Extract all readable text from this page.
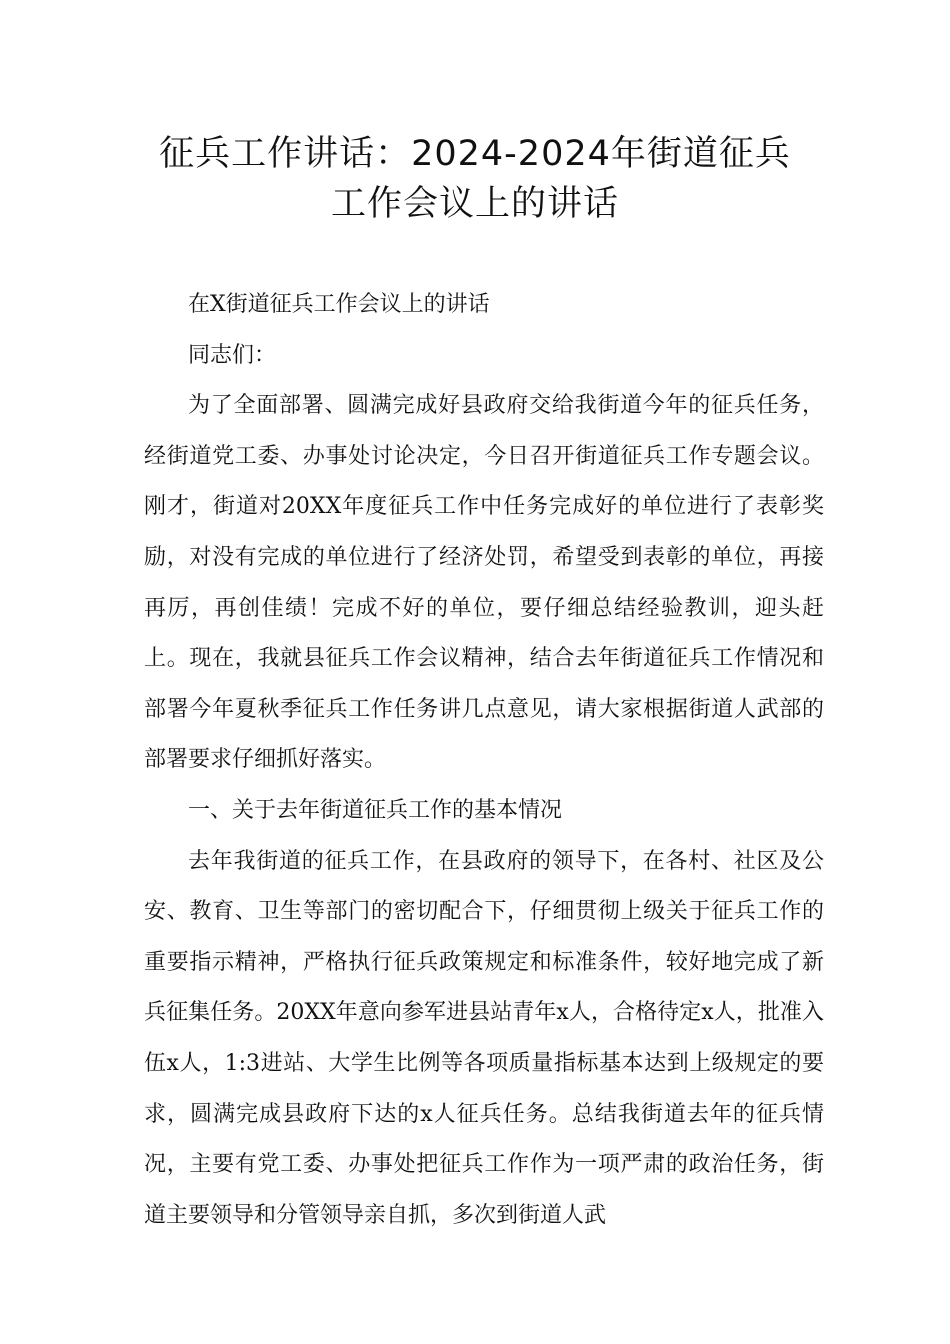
征兵工作讲话：2024-2024年街道征兵
工作会议上的讲话

在X街道征兵工作会议上的讲话

同志们：

为了全面部署、圆满完成好县政府交给我街道今年的征兵任务，经街道党工委、办事处讨论决定，今日召开街道征兵工作专题会议。刚才，街道对20XX年度征兵工作中任务完成好的单位进行了表彰奖励，对没有完成的单位进行了经济处罚，希望受到表彰的单位，再接再厉，再创佳绩！完成不好的单位，要仔细总结经验教训，迎头赶上。现在，我就县征兵工作会议精神，结合去年街道征兵工作情况和部署今年夏秋季征兵工作任务讲几点意见，请大家根据街道人武部的部署要求仔细抓好落实。

一、关于去年街道征兵工作的基本情况

去年我街道的征兵工作，在县政府的领导下，在各村、社区及公安、教育、卫生等部门的密切配合下，仔细贯彻上级关于征兵工作的重要指示精神，严格执行征兵政策规定和标准条件，较好地完成了新兵征集任务。20XX年意向参军进县站青年x人，合格待定x人，批准入伍x人，1:3进站、大学生比例等各项质量指标基本达到上级规定的要求，圆满完成县政府下达的x人征兵任务。总结我街道去年的征兵情况，主要有党工委、办事处把征兵工作作为一项严肃的政治任务，街道主要领导和分管领导亲自抓，多次到街道人武
